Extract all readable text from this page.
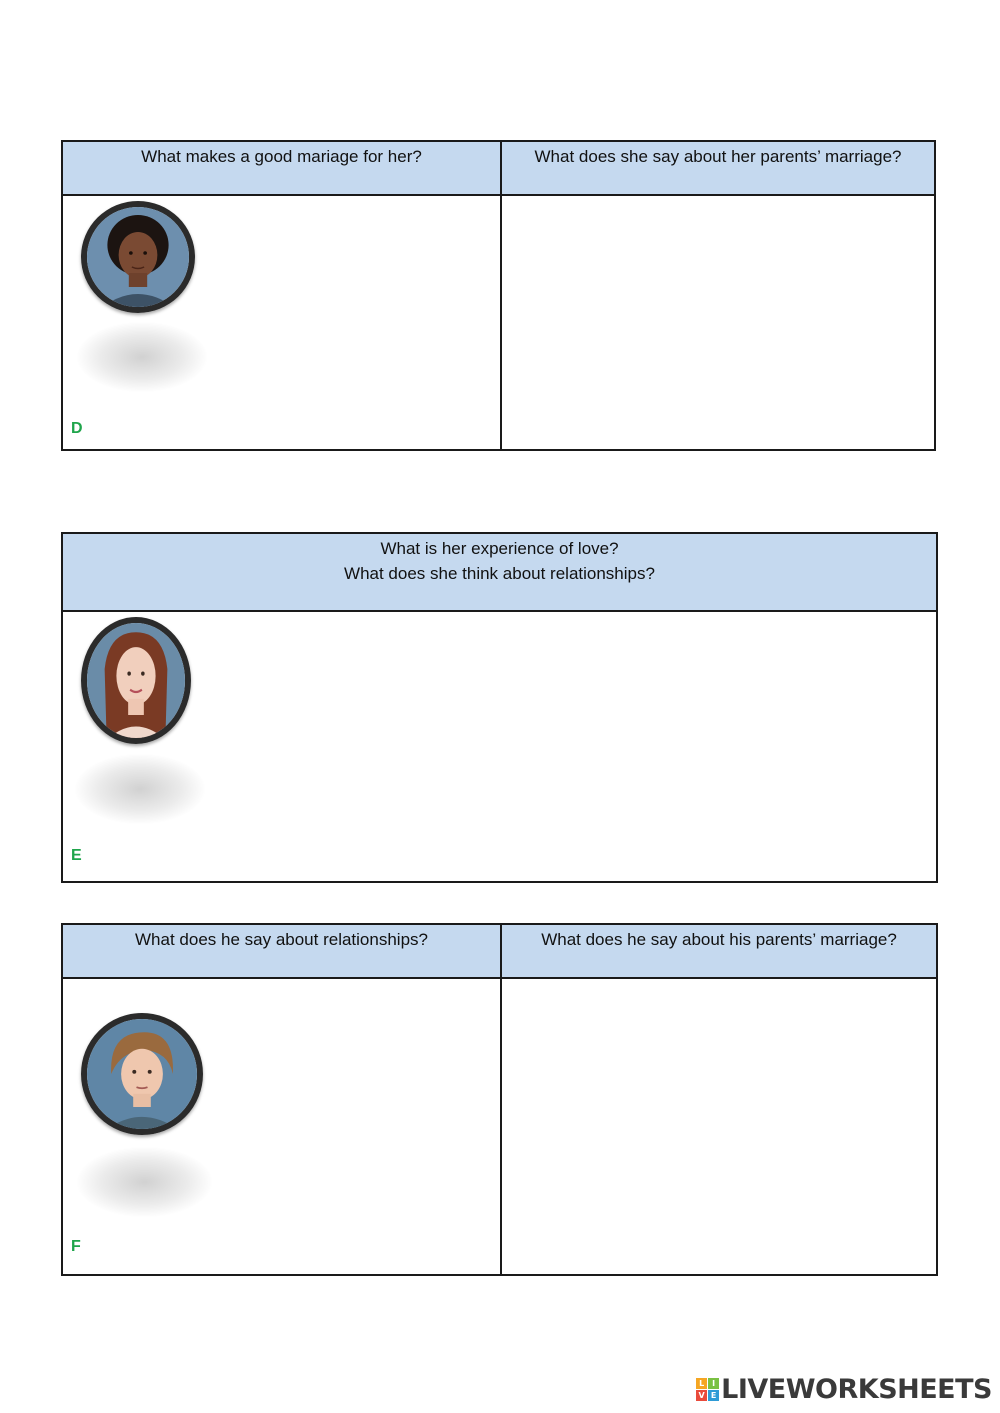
What makes a good mariage for her?	What does she say about her parents’ marriage?
D
What is her experience of love?
What does she think about relationships?
E
What does he say about relationships?	What does he say about his parents’ marriage?
F
L I
V E LIVEWORKSHEETS
